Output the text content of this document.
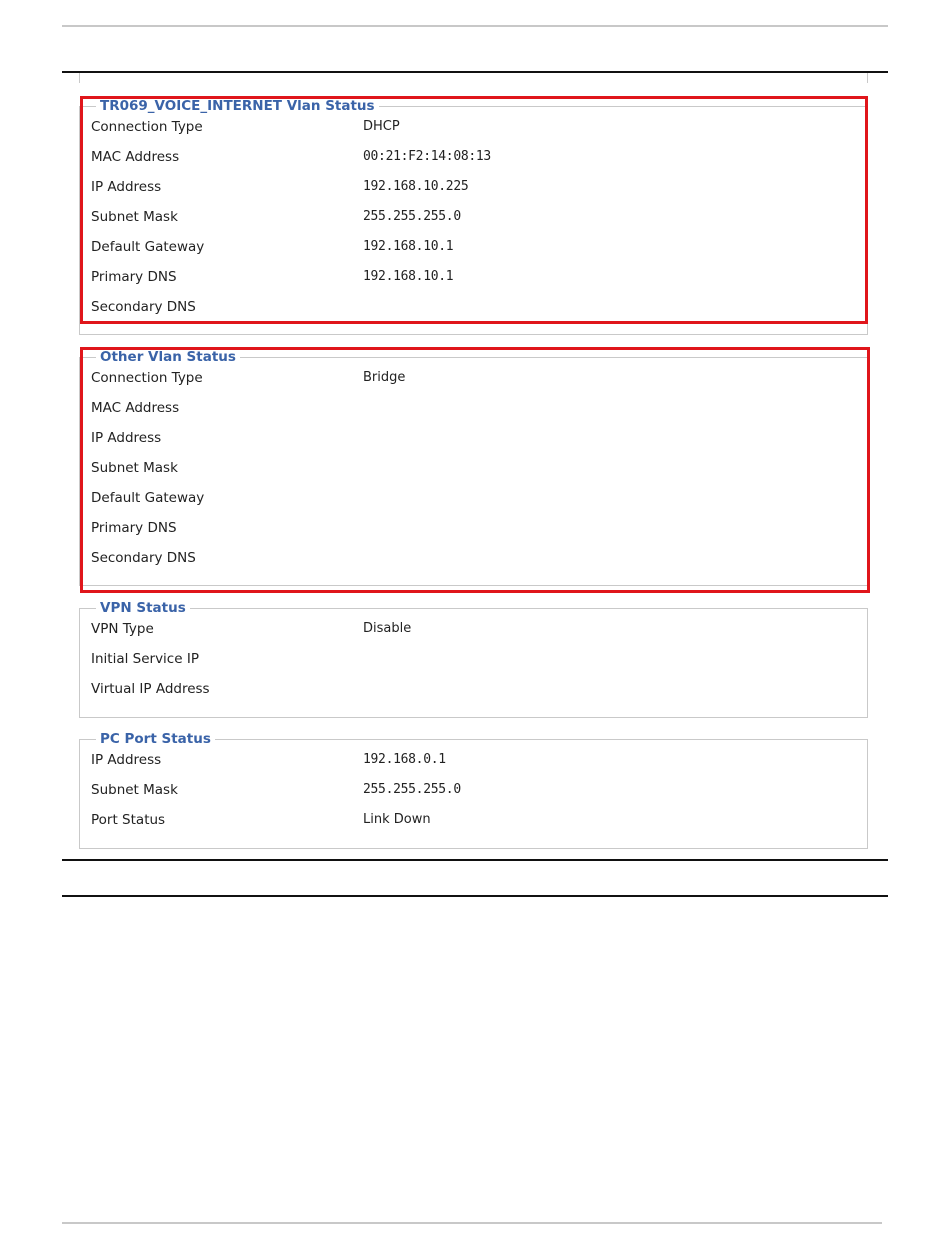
TR069_VOICE_INTERNET Vlan Status
Connection Type	DHCP
MAC Address	00:21:F2:14:08:13
IP Address	192.168.10.225
Subnet Mask	255.255.255.0
Default Gateway	192.168.10.1
Primary DNS	192.168.10.1
Secondary DNS
Other Vlan Status
Connection Type	Bridge
MAC Address
IP Address
Subnet Mask
Default Gateway
Primary DNS
Secondary DNS
VPN Status
VPN Type	Disable
Initial Service IP
Virtual IP Address
PC Port Status
IP Address	192.168.0.1
Subnet Mask	255.255.255.0
Port Status	Link Down
